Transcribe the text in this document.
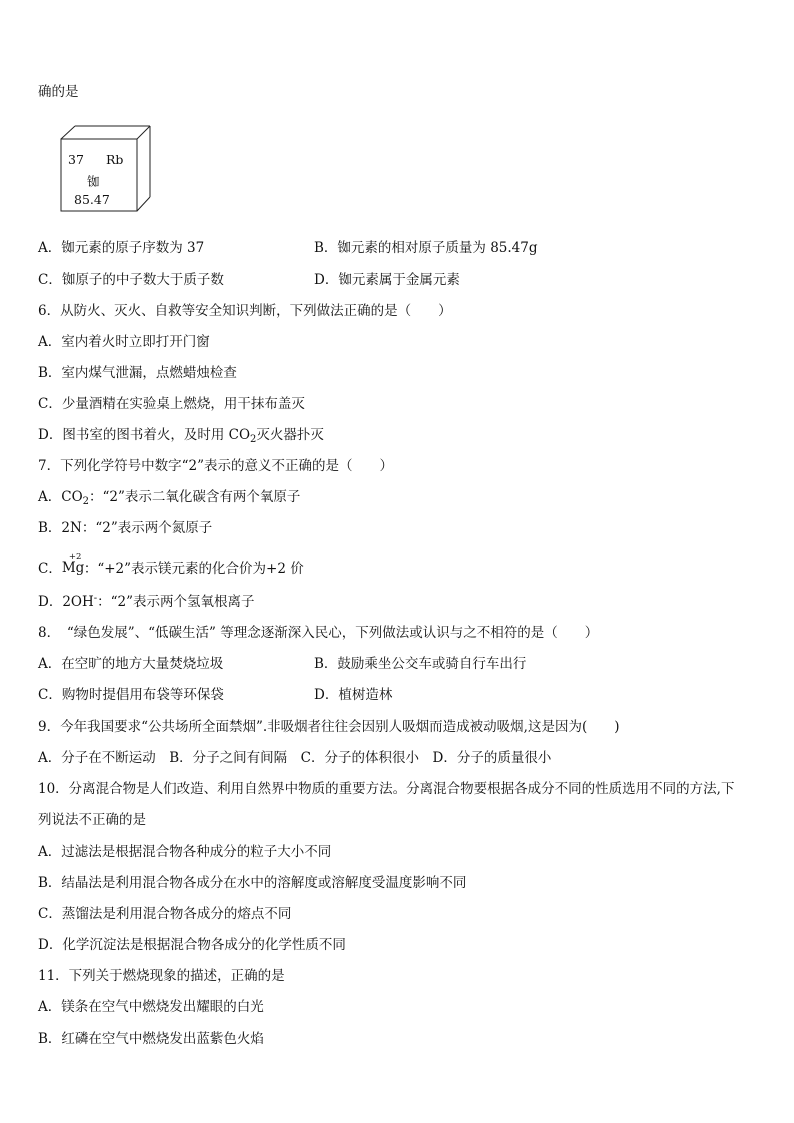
确的是
37 Rb
铷
85.47
A．铷元素的原子序数为 37	B．铷元素的相对原子质量为 85.47g
C．铷原子的中子数大于质子数	D．铷元素属于金属元素
6．从防火、灭火、自救等安全知识判断，下列做法正确的是（　　）
A．室内着火时立即打开门窗
B．室内煤气泄漏，点燃蜡烛检查
C．少量酒精在实验桌上燃烧，用干抹布盖灭
D．图书室的图书着火，及时用 $CO_2$灭火器扑灭
7．下列化学符号中数字“2”表示的意义不正确的是（　　）
A．$CO_2$：“2”表示二氧化碳含有两个氧原子
B．2N：“2”表示两个氮原子
C．
+2
Mg ：“+2”表示镁元素的化合价为+2 价
D．2OH-：“2”表示两个氢氧根离子
8．　“绿色发展”、“低碳生活” 等理念逐渐深入民心，下列做法或认识与之不相符的是（　　）
A．在空旷的地方大量焚烧垃圾	B．鼓励乘坐公交车或骑自行车出行
C．购物时提倡用布袋等环保袋	D．植树造林
9．今年我国要求“公共场所全面禁烟”.非吸烟者往往会因别人吸烟而造成被动吸烟,这是因为(　　)
A．分子在不断运动　B．分子之间有间隔　C．分子的体积很小　D．分子的质量很小
10．分离混合物是人们改造、利用自然界中物质的重要方法。分离混合物要根据各成分不同的性质选用不同的方法,下
列说法不正确的是
A．过滤法是根据混合物各种成分的粒子大小不同
B．结晶法是利用混合物各成分在水中的溶解度或溶解度受温度影响不同
C．蒸馏法是利用混合物各成分的熔点不同
D．化学沉淀法是根据混合物各成分的化学性质不同
11．下列关于燃烧现象的描述，正确的是
A．镁条在空气中燃烧发出耀眼的白光
B．红磷在空气中燃烧发出蓝紫色火焰
